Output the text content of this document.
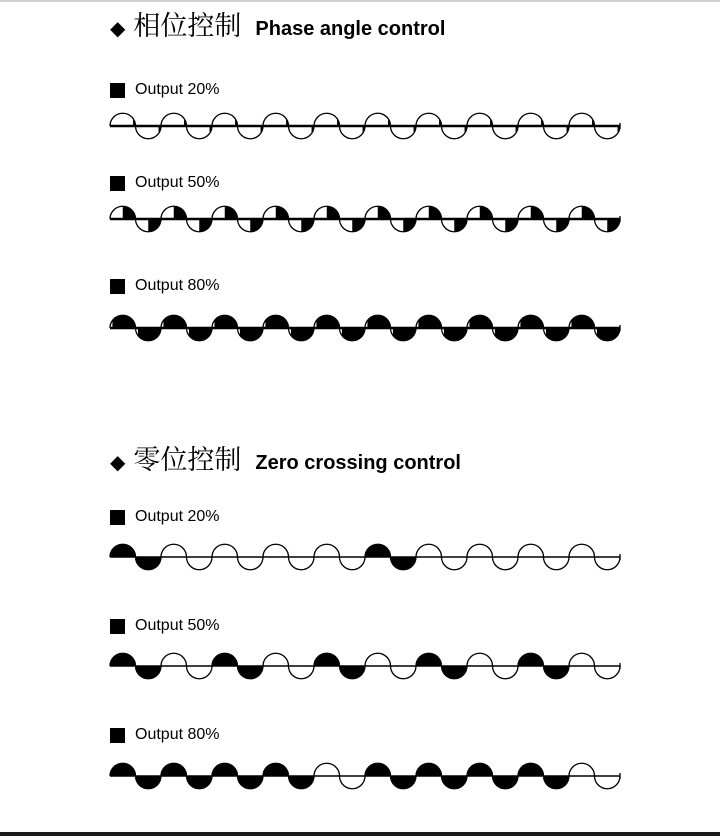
◆ 相位控制 Phase angle control
Output 20%
Output 50%
Output 80%
◆ 零位控制 Zero crossing control
Output 20%
Output 50%
Output 80%
